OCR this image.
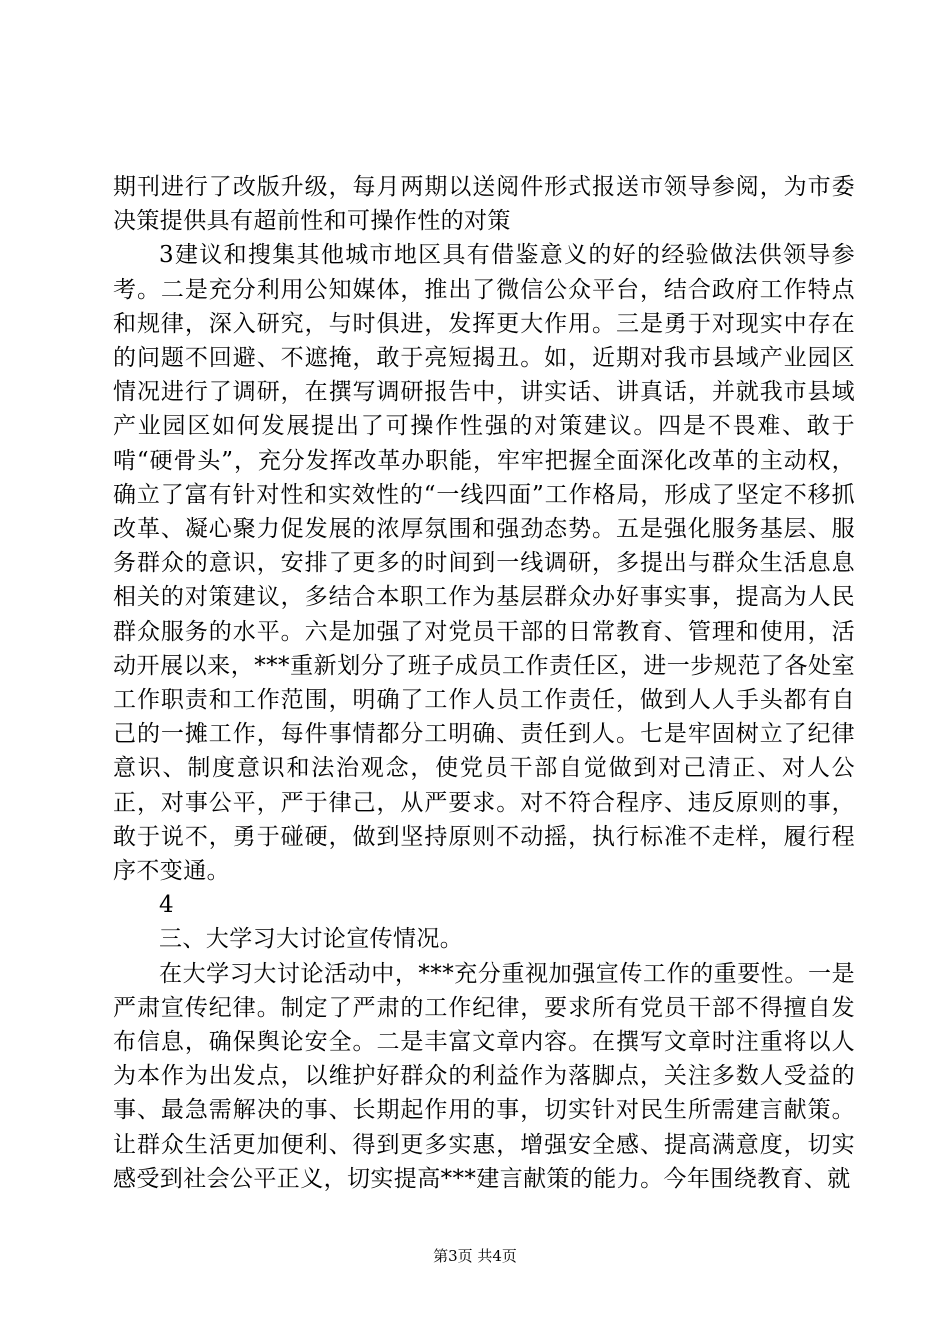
期刊进行了改版升级，每月两期以送阅件形式报送市领导参阅，为市委决策提供具有超前性和可操作性的对策

3建议和搜集其他城市地区具有借鉴意义的好的经验做法供领导参考。二是充分利用公知媒体，推出了微信公众平台，结合政府工作特点和规律，深入研究，与时俱进，发挥更大作用。三是勇于对现实中存在的问题不回避、不遮掩，敢于亮短揭丑。如，近期对我市县域产业园区情况进行了调研，在撰写调研报告中，讲实话、讲真话，并就我市县域产业园区如何发展提出了可操作性强的对策建议。四是不畏难、敢于啃“硬骨头”，充分发挥改革办职能，牢牢把握全面深化改革的主动权，确立了富有针对性和实效性的“一线四面”工作格局，形成了坚定不移抓改革、凝心聚力促发展的浓厚氛围和强劲态势。五是强化服务基层、服务群众的意识，安排了更多的时间到一线调研，多提出与群众生活息息相关的对策建议，多结合本职工作为基层群众办好事实事，提高为人民群众服务的水平。六是加强了对党员干部的日常教育、管理和使用，活动开展以来，***重新划分了班子成员工作责任区，进一步规范了各处室工作职责和工作范围，明确了工作人员工作责任，做到人人手头都有自己的一摊工作，每件事情都分工明确、责任到人。七是牢固树立了纪律意识、制度意识和法治观念，使党员干部自觉做到对己清正、对人公正，对事公平，严于律己，从严要求。对不符合程序、违反原则的事，敢于说不，勇于碰硬，做到坚持原则不动摇，执行标准不走样，履行程序不变通。

4

三、大学习大讨论宣传情况。

在大学习大讨论活动中，***充分重视加强宣传工作的重要性。一是严肃宣传纪律。制定了严肃的工作纪律，要求所有党员干部不得擅自发布信息，确保舆论安全。二是丰富文章内容。在撰写文章时注重将以人为本作为出发点，以维护好群众的利益作为落脚点，关注多数人受益的事、最急需解决的事、长期起作用的事，切实针对民生所需建言献策。让群众生活更加便利、得到更多实惠，增强安全感、提高满意度，切实感受到社会公平正义，切实提高***建言献策的能力。今年围绕教育、就

第3页 共4页
